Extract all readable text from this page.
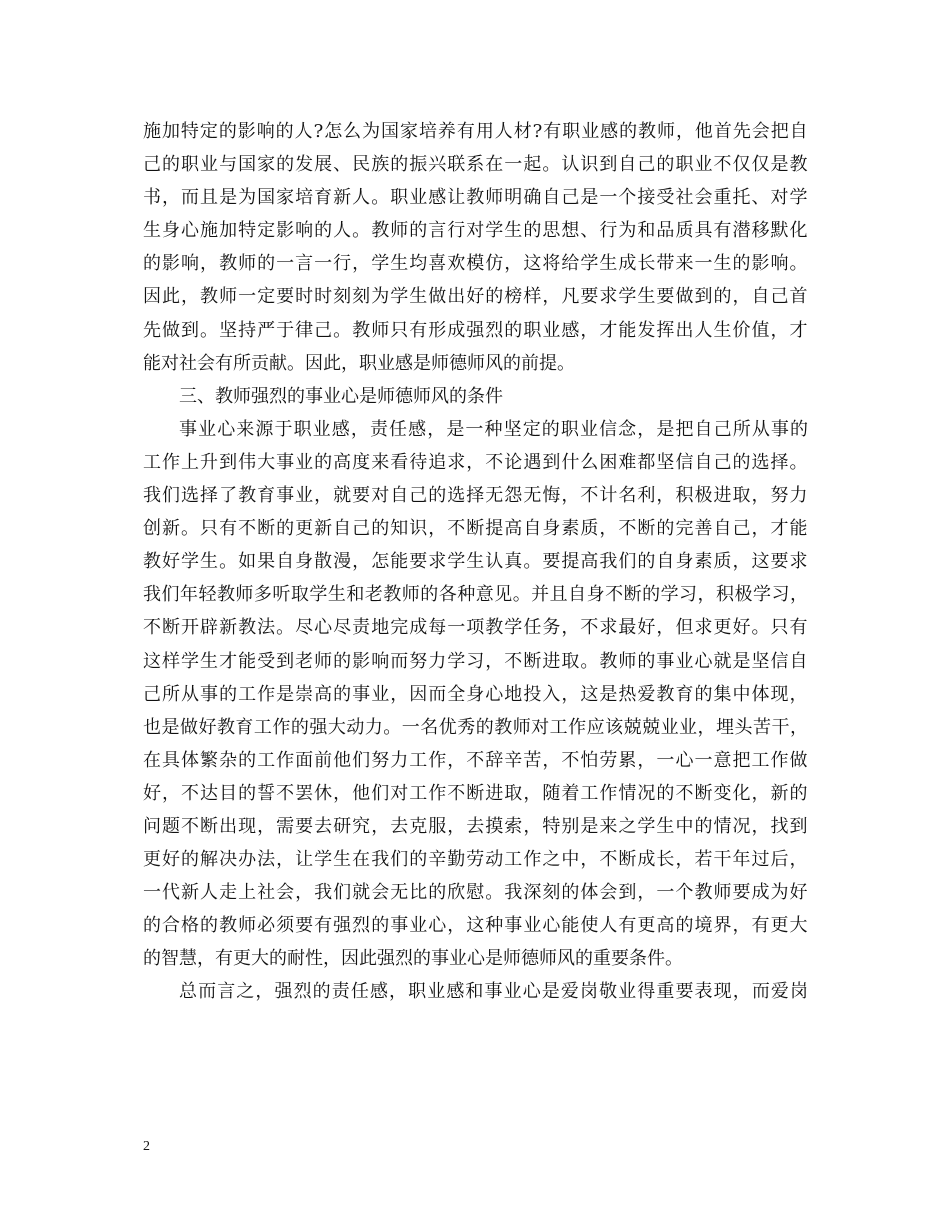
施 加 特 定 的 影 响 的 人 ? 怎 么 为 国 家 培 养 有 用 人 材 ? 有 职 业 感 的 教 师 ， 他 首 先 会 把 自
己 的 职 业 与 国 家 的 发 展 、 民 族 的 振 兴 联 系 在 一 起 。 认 识 到 自 己 的 职 业 不 仅 仅 是 教
书 ， 而 且 是 为 国 家 培 育 新 人 。 职 业 感 让 教 师 明 确 自 己 是 一 个 接 受 社 会 重 托 、 对 学
生 身 心 施 加 特 定 影 响 的 人 。 教 师 的 言 行 对 学 生 的 思 想 、 行 为 和 品 质 具 有 潜 移 默 化
的 影 响 ， 教 师 的 一 言 一 行 ， 学 生 均 喜 欢 模 仿 ， 这 将 给 学 生 成 长 带 来 一 生 的 影 响 。
因 此 ， 教 师 一 定 要 时 时 刻 刻 为 学 生 做 出 好 的 榜 样 ， 凡 要 求 学 生 要 做 到 的 ， 自 己 首
先 做 到 。 坚 持 严 于 律 己 。 教 师 只 有 形 成 强 烈 的 职 业 感 ， 才 能 发 挥 出 人 生 价 值 ， 才
能对社会有所贡献。因此，职业感是师德师风的前提。
三、教师强烈的事业心是师德师风的条件
事 业 心 来 源 于 职 业 感 ， 责 任 感 ， 是 一 种 坚 定 的 职 业 信 念 ， 是 把 自 己 所 从 事 的
工 作 上 升 到 伟 大 事 业 的 高 度 来 看 待 追 求 ， 不 论 遇 到 什 么 困 难 都 坚 信 自 己 的 选 择 。
我 们 选 择 了 教 育 事 业 ， 就 要 对 自 己 的 选 择 无 怨 无 悔 ， 不 计 名 利 ， 积 极 进 取 ， 努 力
创 新 。 只 有 不 断 的 更 新 自 己 的 知 识 ， 不 断 提 高 自 身 素 质 ， 不 断 的 完 善 自 己 ， 才 能
教 好 学 生 。 如 果 自 身 散 漫 ， 怎 能 要 求 学 生 认 真 。 要 提 高 我 们 的 自 身 素 质 ， 这 要 求
我 们 年 轻 教 师 多 听 取 学 生 和 老 教 师 的 各 种 意 见 。 并 且 自 身 不 断 的 学 习 ， 积 极 学 习 ，
不 断 开 辟 新 教 法 。 尽 心 尽 责 地 完 成 每 一 项 教 学 任 务 ， 不 求 最 好 ， 但 求 更 好 。 只 有
这 样 学 生 才 能 受 到 老 师 的 影 响 而 努 力 学 习 ， 不 断 进 取 。 教 师 的 事 业 心 就 是 坚 信 自
己 所 从 事 的 工 作 是 崇 高 的 事 业 ， 因 而 全 身 心 地 投 入 ， 这 是 热 爱 教 育 的 集 中 体 现 ，
也 是 做 好 教 育 工 作 的 强 大 动 力 。 一 名 优 秀 的 教 师 对 工 作 应 该 兢 兢 业 业 ， 埋 头 苦 干 ，
在 具 体 繁 杂 的 工 作 面 前 他 们 努 力 工 作 ， 不 辞 辛 苦 ， 不 怕 劳 累 ， 一 心 一 意 把 工 作 做
好 ， 不 达 目 的 誓 不 罢 休 ， 他 们 对 工 作 不 断 进 取 ， 随 着 工 作 情 况 的 不 断 变 化 ， 新 的
问 题 不 断 出 现 ， 需 要 去 研 究 ， 去 克 服 ， 去 摸 索 ， 特 别 是 来 之 学 生 中 的 情 况 ， 找 到
更 好 的 解 决 办 法 ， 让 学 生 在 我 们 的 辛 勤 劳 动 工 作 之 中 ， 不 断 成 长 ， 若 干 年 过 后 ，
一 代 新 人 走 上 社 会 ， 我 们 就 会 无 比 的 欣 慰 。 我 深 刻 的 体 会 到 ， 一 个 教 师 要 成 为 好
的 合 格 的 教 师 必 须 要 有 强 烈 的 事 业 心 ， 这 种 事 业 心 能 使 人 有 更 高 的 境 界 ， 有 更 大
的智慧，有更大的耐性，因此强烈的事业心是师德师风的重要条件。
总 而 言 之 ， 强 烈 的 责 任 感 ， 职 业 感 和 事 业 心 是 爱 岗 敬 业 得 重 要 表 现 ， 而 爱 岗
2
